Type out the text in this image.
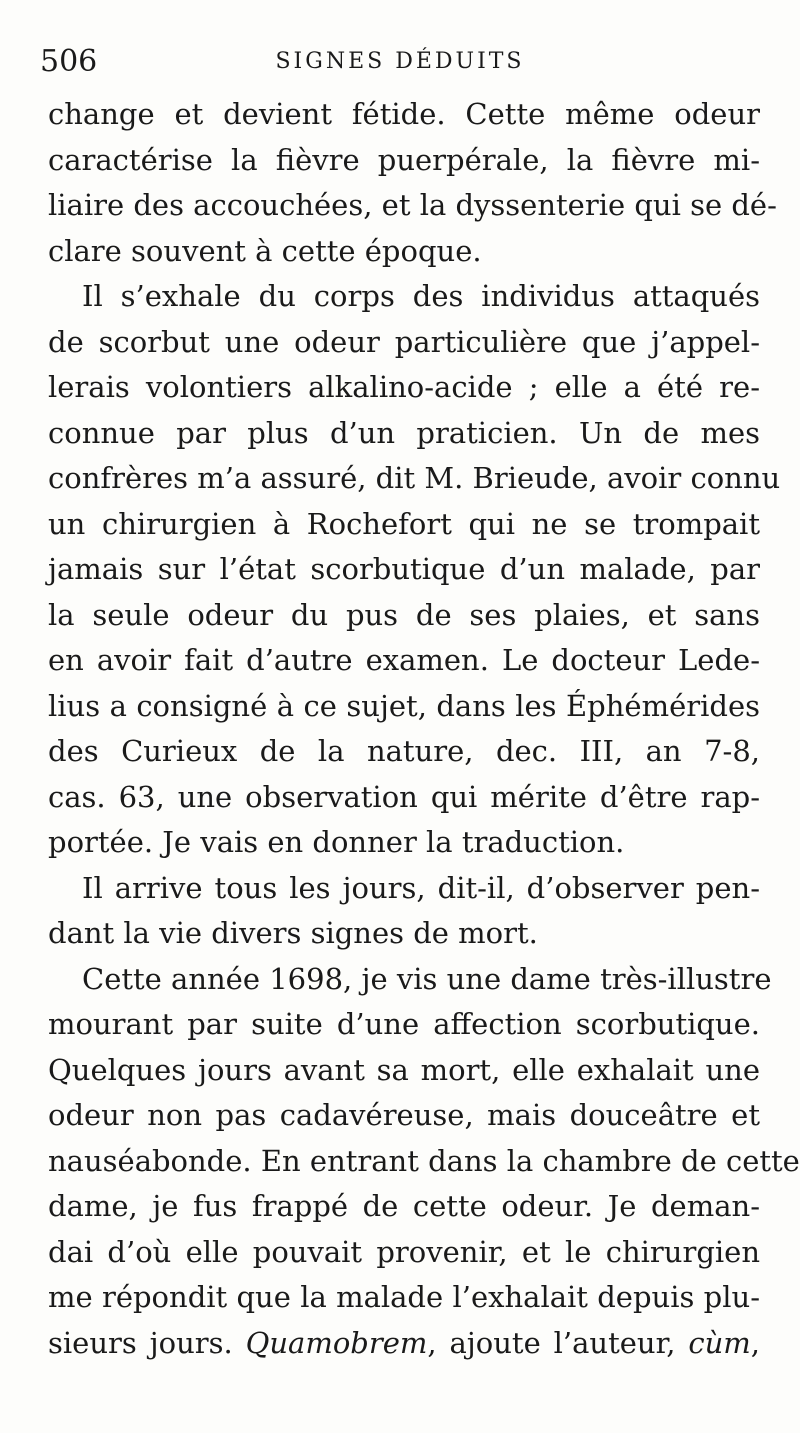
506	SIGNES DÉDUITS
change et devient fétide. Cette même odeur
caractérise la fièvre puerpérale, la fièvre mi-
liaire des accouchées, et la dyssenterie qui se dé-
clare souvent à cette époque.
Il s’exhale du corps des individus attaqués
de scorbut une odeur particulière que j’appel-
lerais volontiers alkalino-acide ; elle a été re-
connue par plus d’un praticien. Un de mes
confrères m’a assuré, dit M. Brieude, avoir connu
un chirurgien à Rochefort qui ne se trompait
jamais sur l’état scorbutique d’un malade, par
la seule odeur du pus de ses plaies, et sans
en avoir fait d’autre examen. Le docteur Lede-
lius a consigné à ce sujet, dans les Éphémérides
des Curieux de la nature, dec. III, an 7-8,
cas. 63, une observation qui mérite d’être rap-
portée. Je vais en donner la traduction.
Il arrive tous les jours, dit-il, d’observer pen-
dant la vie divers signes de mort.
Cette année 1698, je vis une dame très-illustre
mourant par suite d’une affection scorbutique.
Quelques jours avant sa mort, elle exhalait une
odeur non pas cadavéreuse, mais douceâtre et
nauséabonde. En entrant dans la chambre de cette
dame, je fus frappé de cette odeur. Je deman-
dai d’où elle pouvait provenir, et le chirurgien
me répondit que la malade l’exhalait depuis plu-
sieurs jours. Quamobrem, ajoute l’auteur, cùm,
